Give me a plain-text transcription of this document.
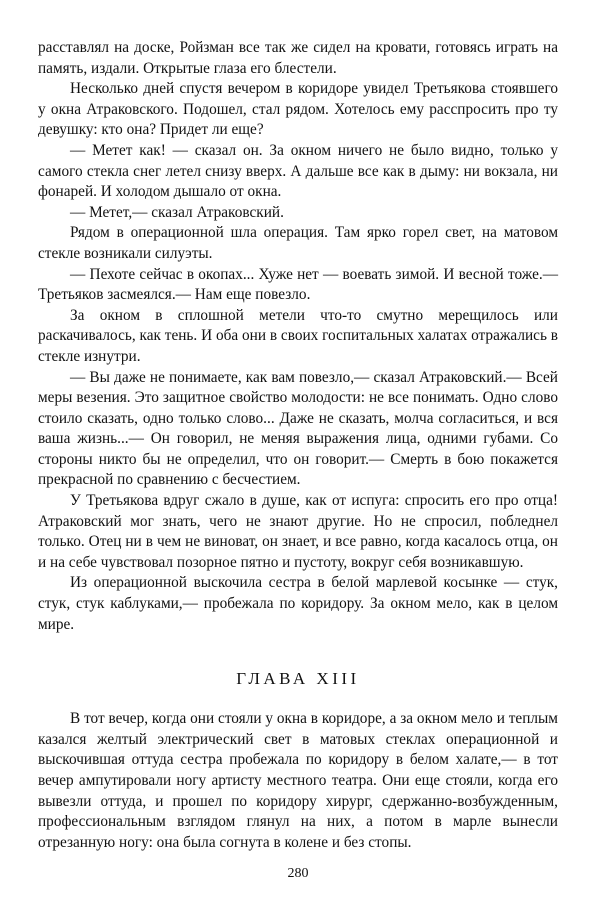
расставлял на доске, Ройзман все так же сидел на кровати, готовясь играть на память, издали. Открытые глаза его блестели.

Несколько дней спустя вечером в коридоре увидел Третьякова стоявшего у окна Атраковского. Подошел, стал рядом. Хотелось ему расспросить про ту девушку: кто она? Придет ли еще?

— Метет как! — сказал он. За окном ничего не было видно, только у самого стекла снег летел снизу вверх. А дальше все как в дыму: ни вокзала, ни фонарей. И холодом дышало от окна.

— Метет,— сказал Атраковский.

Рядом в операционной шла операция. Там ярко горел свет, на матовом стекле возникали силуэты.

— Пехоте сейчас в окопах... Хуже нет — воевать зимой. И весной тоже.— Третьяков засмеялся.— Нам еще повезло.

За окном в сплошной метели что-то смутно мерещилось или раскачивалось, как тень. И оба они в своих госпитальных халатах отражались в стекле изнутри.

— Вы даже не понимаете, как вам повезло,— сказал Атраковский.— Всей меры везения. Это защитное свойство молодости: не все понимать. Одно слово стоило сказать, одно только слово... Даже не сказать, молча согласиться, и вся ваша жизнь...— Он говорил, не меняя выражения лица, одними губами. Со стороны никто бы не определил, что он говорит.— Смерть в бою покажется прекрасной по сравнению с бесчестием.

У Третьякова вдруг сжало в душе, как от испуга: спросить его про отца! Атраковский мог знать, чего не знают другие. Но не спросил, побледнел только. Отец ни в чем не виноват, он знает, и все равно, когда касалось отца, он и на себе чувствовал позорное пятно и пустоту, вокруг себя возникавшую.

Из операционной выскочила сестра в белой марлевой косынке — стук, стук, стук каблуками,— пробежала по коридору. За окном мело, как в целом мире.

ГЛАВА XIII

В тот вечер, когда они стояли у окна в коридоре, а за окном мело и теплым казался желтый электрический свет в матовых стеклах операционной и выскочившая оттуда сестра пробежала по коридору в белом халате,— в тот вечер ампутировали ногу артисту местного театра. Они еще стояли, когда его вывезли оттуда, и прошел по коридору хирург, сдержанно-возбужденным, профессиональным взглядом глянул на них, а потом в марле вынесли отрезанную ногу: она была согнута в колене и без стопы.

280
